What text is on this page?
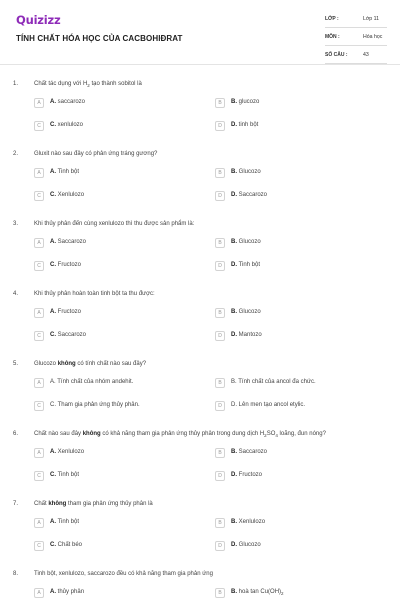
Quizizz
TÍNH CHẤT HÓA HỌC CỦA CACBOHIĐRAT
LỚP :	Lớp 11
MÔN :	Hóa học
SỐ CÂU :	43
1.	Chất tác dụng với $H_2$ tạo thành sobitol là
A	A. saccarozo	B	B. glucozo
C	C. xenlulozo	D	D. tinh bột
2.	Gluxit nào sau đây có phản ứng tráng gương?
A	A. Tinh bột	B	B. Glucozo
C	C. Xenlulozo	D	D. Saccarozo
3.	Khi thủy phân đến cùng xenlulozo thì thu được sản phẩm là:
A	A. Saccarozo	B	B. Glucozo
C	C. Fructozo	D	D. Tinh bột
4.	Khi thủy phân hoàn toàn tinh bột ta thu được:
A	A. Fructozo	B	B. Glucozo
C	C. Saccarozo	D	D. Mantozo
5.	Glucozo không có tính chất nào sau đây?
A	A. Tính chất của nhóm andehit.	B	B. Tính chất của ancol đa chức.
C	C. Tham gia phản ứng thủy phân.	D	D. Lên men tạo ancol etylic.
6.	Chất nào sau đây không có khả năng tham gia phản ứng thủy phân trong dung dịch $H_2SO_4$ loãng, đun nóng?
A	A. Xenlulozo	B	B. Saccarozo
C	C. Tinh bột	D	D. Fructozo
7.	Chất không tham gia phản ứng thủy phân là
A	A. Tinh bột	B	B. Xenlulozo
C	C. Chất béo	D	D. Glucozo
8.	Tinh bột, xenlulozo, saccarozo đều có khả năng tham gia phản ứng
A	A. thủy phân	B	B. hoà $\tan Cu(OH)_2$
